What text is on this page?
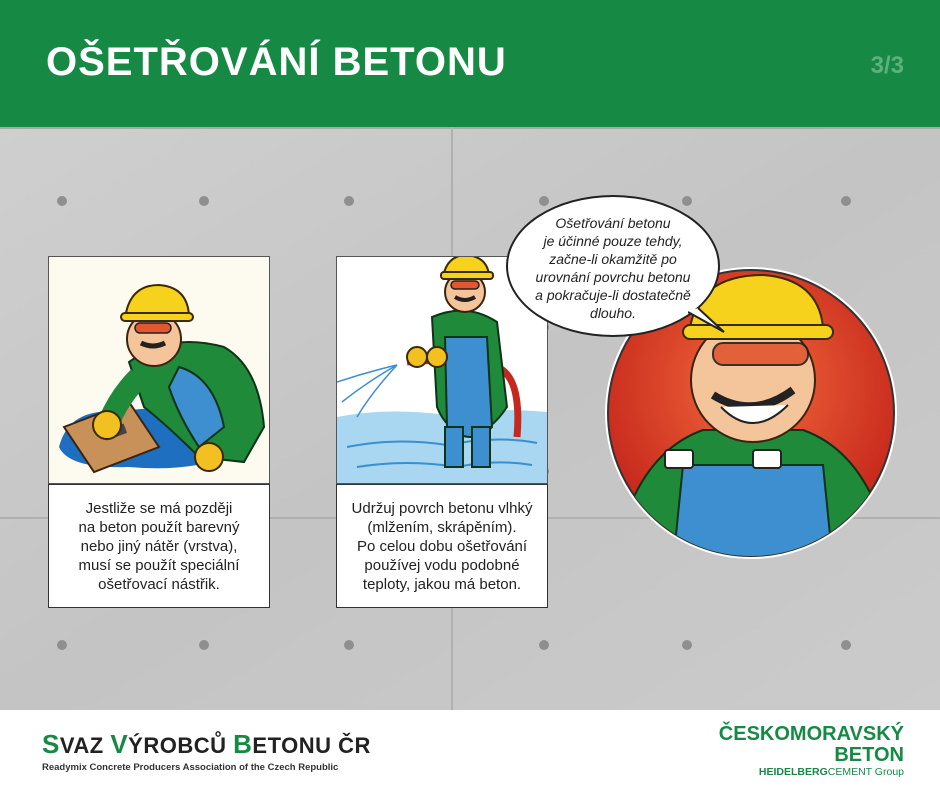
OŠETŘOVÁNÍ BETONU	3/3
Jestliže se má později
na beton použít barevný
nebo jiný nátěr (vrstva),
musí se použít speciální
ošetřovací nástřik.
Udržuj povrch betonu vlhký
(mlžením, skrápěním).
Po celou dobu ošetřování
používej vodu podobné
teploty, jakou má beton.
Ošetřování betonu
je účinné pouze tehdy,
začne-li okamžitě po
urovnání povrchu betonu
a pokračuje-li dostatečně
dlouho.
SVAZ VÝROBCŮ BETONU ČR
Readymix Concrete Producers Association of the Czech Republic
ČESKOMORAVSKÝ
BETON
HEIDELBERGCEMENT Group
